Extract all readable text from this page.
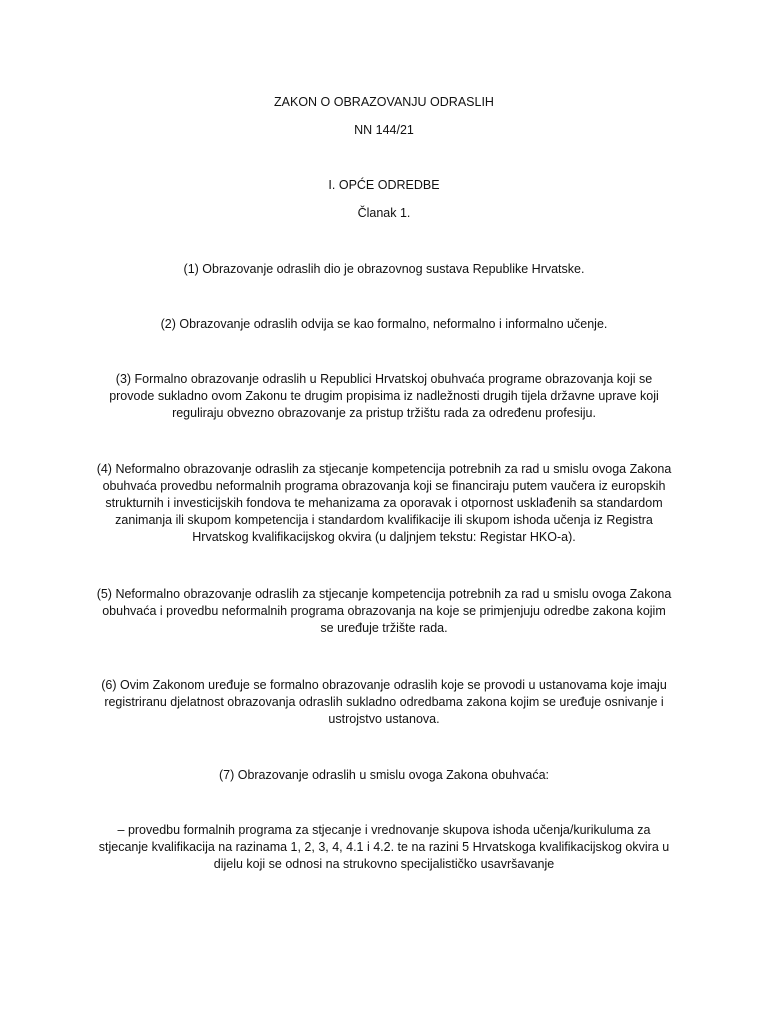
ZAKON O OBRAZOVANJU ODRASLIH
NN 144/21
I. OPĆE ODREDBE
Članak 1.
(1) Obrazovanje odraslih dio je obrazovnog sustava Republike Hrvatske.
(2) Obrazovanje odraslih odvija se kao formalno, neformalno i informalno učenje.
(3) Formalno obrazovanje odraslih u Republici Hrvatskoj obuhvaća programe obrazovanja koji se
provode sukladno ovom Zakonu te drugim propisima iz nadležnosti drugih tijela državne uprave koji
reguliraju obvezno obrazovanje za pristup tržištu rada za određenu profesiju.
(4) Neformalno obrazovanje odraslih za stjecanje kompetencija potrebnih za rad u smislu ovoga Zakona
obuhvaća provedbu neformalnih programa obrazovanja koji se financiraju putem vaučera iz europskih
strukturnih i investicijskih fondova te mehanizama za oporavak i otpornost usklađenih sa standardom
zanimanja ili skupom kompetencija i standardom kvalifikacije ili skupom ishoda učenja iz Registra
Hrvatskog kvalifikacijskog okvira (u daljnjem tekstu: Registar HKO-a).
(5) Neformalno obrazovanje odraslih za stjecanje kompetencija potrebnih za rad u smislu ovoga Zakona
obuhvaća i provedbu neformalnih programa obrazovanja na koje se primjenjuju odredbe zakona kojim
se uređuje tržište rada.
(6) Ovim Zakonom uređuje se formalno obrazovanje odraslih koje se provodi u ustanovama koje imaju
registriranu djelatnost obrazovanja odraslih sukladno odredbama zakona kojim se uređuje osnivanje i
ustrojstvo ustanova.
(7) Obrazovanje odraslih u smislu ovoga Zakona obuhvaća:
– provedbu formalnih programa za stjecanje i vrednovanje skupova ishoda učenja/kurikuluma za
stjecanje kvalifikacija na razinama 1, 2, 3, 4, 4.1 i 4.2. te na razini 5 Hrvatskoga kvalifikacijskog okvira u
dijelu koji se odnosi na strukovno specijalističko usavršavanje
